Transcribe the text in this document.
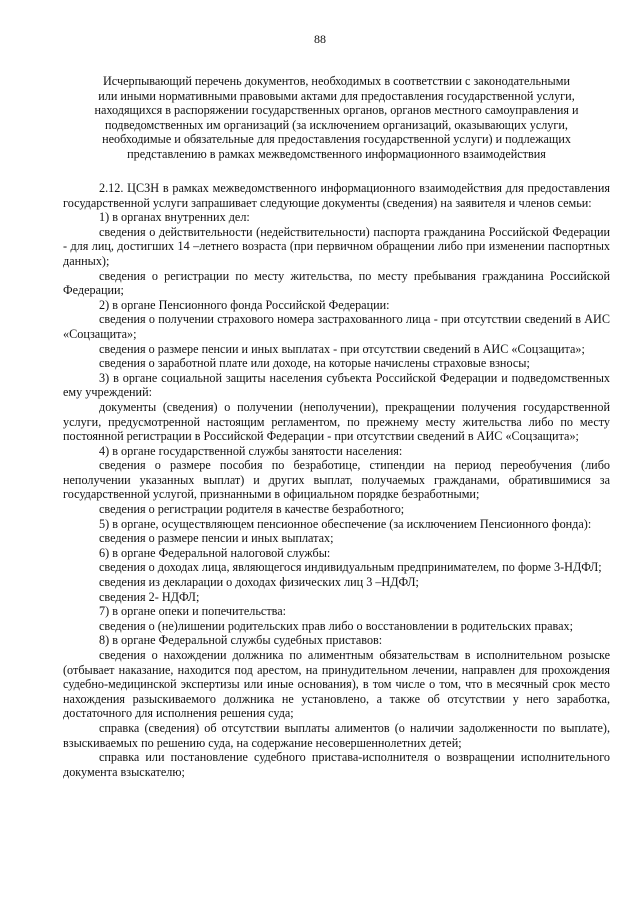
88
Исчерпывающий перечень документов, необходимых в соответствии с законодательными
или иными нормативными правовыми актами для предоставления государственной услуги,
находящихся в распоряжении государственных органов, органов местного самоуправления и
подведомственных им организаций (за исключением организаций, оказывающих услуги,
необходимые и обязательные для предоставления государственной услуги) и подлежащих
представлению в рамках межведомственного информационного взаимодействия

2.12. ЦСЗН в рамках межведомственного информационного взаимодействия для предоставления государственной услуги запрашивает следующие документы (сведения) на заявителя и членов семьи:

1) в органах внутренних дел:

сведения о действительности (недействительности) паспорта гражданина Российской Федерации - для лиц, достигших 14 –летнего возраста (при первичном обращении либо при изменении паспортных данных);

сведения о регистрации по месту жительства, по месту пребывания гражданина Российской Федерации;

2) в органе Пенсионного фонда Российской Федерации:

сведения о получении страхового номера застрахованного лица - при отсутствии сведений в АИС «Соцзащита»;

сведения о размере пенсии и иных выплатах - при отсутствии сведений в АИС «Соцзащита»;

сведения о заработной плате или доходе, на которые начислены страховые взносы;

3) в органе социальной защиты населения субъекта Российской Федерации и подведомственных ему учреждений:

документы (сведения) о получении (неполучении), прекращении получения государственной услуги, предусмотренной настоящим регламентом, по прежнему месту жительства либо по месту постоянной регистрации в Российской Федерации - при отсутствии сведений в АИС «Соцзащита»;

4) в органе государственной службы занятости населения:

сведения о размере пособия по безработице, стипендии на период переобучения (либо неполучении указанных выплат) и других выплат, получаемых гражданами, обратившимися за государственной услугой, признанными в официальном порядке безработными;

сведения о регистрации родителя в качестве безработного;

5) в органе, осуществляющем пенсионное обеспечение (за исключением Пенсионного фонда):

сведения о размере пенсии и иных выплатах;

6) в органе Федеральной налоговой службы:

сведения о доходах лица, являющегося индивидуальным предпринимателем, по форме 3-НДФЛ;

сведения из декларации о доходах физических лиц 3 –НДФЛ;

сведения 2- НДФЛ;

7) в органе опеки и попечительства:

сведения о (не)лишении родительских прав либо о восстановлении в родительских правах;

8) в органе Федеральной службы судебных приставов:

сведения о нахождении должника по алиментным обязательствам в исполнительном розыске (отбывает наказание, находится под арестом, на принудительном лечении, направлен для прохождения судебно-медицинской экспертизы или иные основания), в том числе о том, что в месячный срок место нахождения разыскиваемого должника не установлено, а также об отсутствии у него заработка, достаточного для исполнения решения суда;

справка (сведения) об отсутствии выплаты алиментов (о наличии задолженности по выплате), взыскиваемых по решению суда, на содержание несовершеннолетних детей;

справка или постановление судебного пристава-исполнителя о возвращении исполнительного документа взыскателю;
